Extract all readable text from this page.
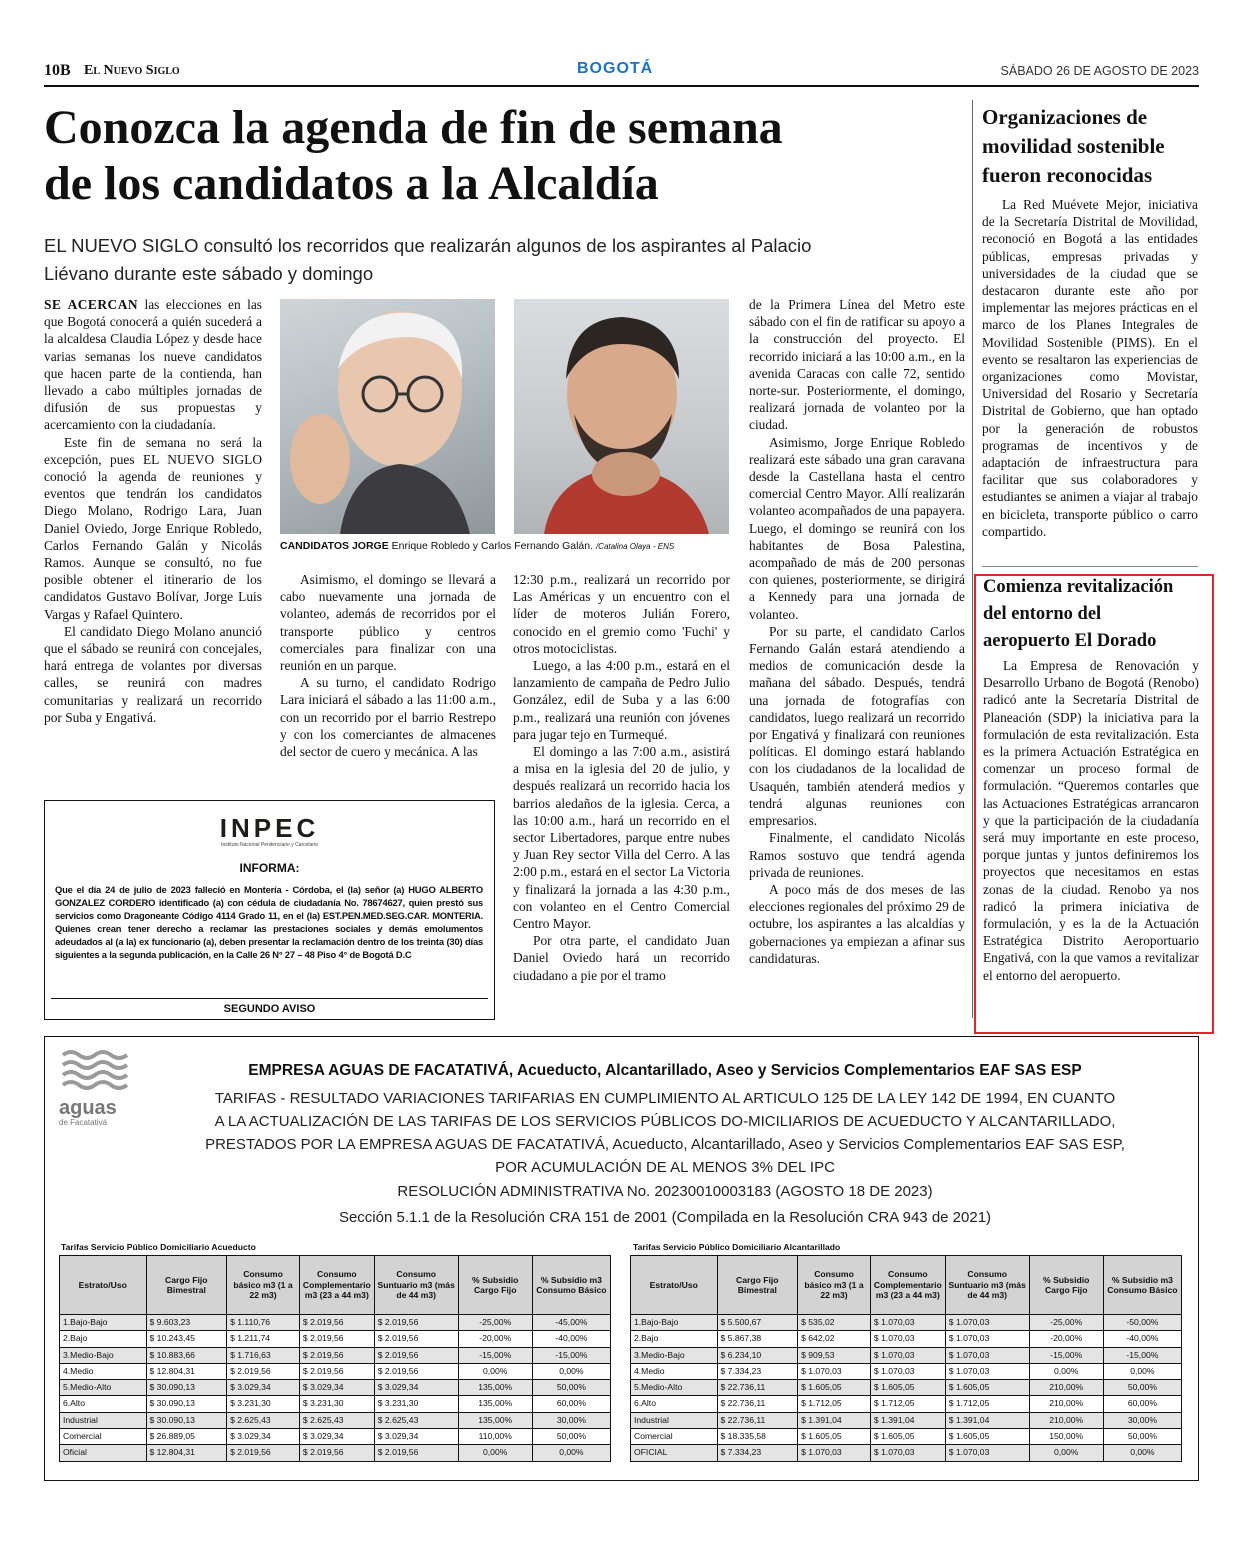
10B El Nuevo Siglo	BOGOTÁ	SÁBADO 26 DE AGOSTO DE 2023
Conozca la agenda de fin de semana
de los candidatos a la Alcaldía
EL NUEVO SIGLO consultó los recorridos que realizarán algunos de los aspirantes al Palacio
Liévano durante este sábado y domingo

SE ACERCAN las elecciones en las que Bogotá conocerá a quién sucederá a la alcaldesa Claudia López y desde hace varias semanas los nueve candidatos que hacen parte de la contienda, han llevado a cabo múltiples jornadas de difusión de sus propuestas y acercamiento con la ciudadanía.

Este fin de semana no será la excepción, pues EL NUEVO SIGLO conoció la agenda de reuniones y eventos que tendrán los candidatos Diego Molano, Rodrigo Lara, Juan Daniel Oviedo, Jorge Enrique Robledo, Carlos Fernando Galán y Nicolás Ramos. Aunque se consultó, no fue posible obtener el itinerario de los candidatos Gustavo Bolívar, Jorge Luis Vargas y Rafael Quintero.

El candidato Diego Molano anunció que el sábado se reunirá con concejales, hará entrega de volantes por diversas calles, se reunirá con madres comunitarias y realizará un recorrido por Suba y Engativá.

CANDIDATOS JORGE Enrique Robledo y Carlos Fernando Galán. /Catalina Olaya - ENS

Asimismo, el domingo se llevará a cabo nuevamente una jornada de volanteo, además de recorridos por el transporte público y centros comerciales para finalizar con una reunión en un parque.

A su turno, el candidato Rodrigo Lara iniciará el sábado a las 11:00 a.m., con un recorrido por el barrio Restrepo y con los comerciantes de almacenes del sector de cuero y mecánica. A las

12:30 p.m., realizará un recorrido por Las Américas y un encuentro con el líder de moteros Julián Forero, conocido en el gremio como 'Fuchi' y otros motociclistas.

Luego, a las 4:00 p.m., estará en el lanzamiento de campaña de Pedro Julio González, edil de Suba y a las 6:00 p.m., realizará una reunión con jóvenes para jugar tejo en Turmequé.

El domingo a las 7:00 a.m., asistirá a misa en la iglesia del 20 de julio, y después realizará un recorrido hacia los barrios aledaños de la iglesia. Cerca, a las 10:00 a.m., hará un recorrido en el sector Libertadores, parque entre nubes y Juan Rey sector Villa del Cerro. A las 2:00 p.m., estará en el sector La Victoria y finalizará la jornada a las 4:30 p.m., con volanteo en el Centro Comercial Centro Mayor.

Por otra parte, el candidato Juan Daniel Oviedo hará un recorrido ciudadano a pie por el tramo

de la Primera Línea del Metro este sábado con el fin de ratificar su apoyo a la construcción del proyecto. El recorrido iniciará a las 10:00 a.m., en la avenida Caracas con calle 72, sentido norte-sur. Posteriormente, el domingo, realizará jornada de volanteo por la ciudad.

Asimismo, Jorge Enrique Robledo realizará este sábado una gran caravana desde la Castellana hasta el centro comercial Centro Mayor. Allí realizarán volanteo acompañados de una papayera. Luego, el domingo se reunirá con los habitantes de Bosa Palestina, acompañado de más de 200 personas con quienes, posteriormente, se dirigirá a Kennedy para una jornada de volanteo.

Por su parte, el candidato Carlos Fernando Galán estará atendiendo a medios de comunicación desde la mañana del sábado. Después, tendrá una jornada de fotografías con candidatos, luego realizará un recorrido por Engativá y finalizará con reuniones políticas. El domingo estará hablando con los ciudadanos de la localidad de Usaquén, también atenderá medios y tendrá algunas reuniones con empresarios.

Finalmente, el candidato Nicolás Ramos sostuvo que tendrá agenda privada de reuniones.

A poco más de dos meses de las elecciones regionales del próximo 29 de octubre, los aspirantes a las alcaldías y gobernaciones ya empiezan a afinar sus candidaturas.

Organizaciones de
movilidad sostenible
fueron reconocidas

La Red Muévete Mejor, iniciativa de la Secretaría Distrital de Movilidad, reconoció en Bogotá a las entidades públicas, empresas privadas y universidades de la ciudad que se destacaron durante este año por implementar las mejores prácticas en el marco de los Planes Integrales de Movilidad Sostenible (PIMS). En el evento se resaltaron las experiencias de organizaciones como Movistar, Universidad del Rosario y Secretaría Distrital de Gobierno, que han optado por la generación de robustos programas de incentivos y de adaptación de infraestructura para facilitar que sus colaboradores y estudiantes se animen a viajar al trabajo en bicicleta, transporte público o carro compartido.

Comienza revitalización
del entorno del
aeropuerto El Dorado

La Empresa de Renovación y Desarrollo Urbano de Bogotá (Renobo) radicó ante la Secretaría Distrital de Planeación (SDP) la iniciativa para la formulación de esta revitalización. Esta es la primera Actuación Estratégica en comenzar un proceso formal de formulación. “Queremos contarles que las Actuaciones Estratégicas arrancaron y que la participación de la ciudadanía será muy importante en este proceso, porque juntas y juntos definiremos los proyectos que necesitamos en estas zonas de la ciudad. Renobo ya nos radicó la primera iniciativa de formulación, y es la de la Actuación Estratégica Distrito Aeroportuario Engativá, con la que vamos a revitalizar el entorno del aeropuerto.

INPEC
Instituto Nacional Penitenciario y Carcelario
INFORMA:
Que el día 24 de julio de 2023 falleció en Montería - Córdoba, el (la) señor (a) HUGO ALBERTO GONZALEZ CORDERO identificado (a) con cédula de ciudadanía No. 78674627, quien prestó sus servicios como Dragoneante Código 4114 Grado 11, en el (la) EST.PEN.MED.SEG.CAR. MONTERIA. Quienes crean tener derecho a reclamar las prestaciones sociales y demás emolumentos adeudados al (a la) ex funcionario (a), deben presentar la reclamación dentro de los treinta (30) días siguientes a la segunda publicación, en la Calle 26 N° 27 – 48 Piso 4° de Bogotá D.C
SEGUNDO AVISO
aguas
de Facatativá
EMPRESA AGUAS DE FACATATIVÁ, Acueducto, Alcantarillado, Aseo y Servicios Complementarios EAF SAS ESP
TARIFAS - RESULTADO VARIACIONES TARIFARIAS EN CUMPLIMIENTO AL ARTICULO 125 DE LA LEY 142 DE 1994, EN CUANTO
A LA ACTUALIZACIÓN DE LAS TARIFAS DE LOS SERVICIOS PÚBLICOS DO-MICILIARIOS DE ACUEDUCTO Y ALCANTARILLADO,
PRESTADOS POR LA EMPRESA AGUAS DE FACATATIVÁ, Acueducto, Alcantarillado, Aseo y Servicios Complementarios EAF SAS ESP,
POR ACUMULACIÓN DE AL MENOS 3% DEL IPC
RESOLUCIÓN ADMINISTRATIVA No. 20230010003183 (AGOSTO 18 DE 2023)
Sección 5.1.1 de la Resolución CRA 151 de 2001 (Compilada en la Resolución CRA 943 de 2021)
Tarifas Servicio Público Domiciliario Acueducto
Estrato/Uso	Cargo Fijo Bimestral	Consumo básico m3 (1 a 22 m3)	Consumo Complementario m3 (23 a 44 m3)	Consumo Suntuario m3 (más de 44 m3)	% Subsidio Cargo Fijo	% Subsidio m3 Consumo Básico
1.Bajo-Bajo	$ 9.603,23	$ 1.110,76	$ 2.019,56	$ 2.019,56	-25,00%	-45,00%
2.Bajo	$ 10.243,45	$ 1.211,74	$ 2.019,56	$ 2.019,56	-20,00%	-40,00%
3.Medio-Bajo	$ 10.883,66	$ 1.716,63	$ 2.019,56	$ 2.019,56	-15,00%	-15,00%
4.Medio	$ 12.804,31	$ 2.019,56	$ 2.019,56	$ 2.019,56	0,00%	0,00%
5.Medio-Alto	$ 30.090,13	$ 3.029,34	$ 3.029,34	$ 3.029,34	135,00%	50,00%
6.Alto	$ 30.090,13	$ 3.231,30	$ 3.231,30	$ 3.231,30	135,00%	60,00%
Industrial	$ 30.090,13	$ 2.625,43	$ 2.625,43	$ 2.625,43	135,00%	30,00%
Comercial	$ 26.889,05	$ 3.029,34	$ 3.029,34	$ 3.029,34	110,00%	50,00%
Oficial	$ 12.804,31	$ 2.019,56	$ 2.019,56	$ 2.019,56	0,00%	0,00%
Tarifas Servicio Público Domiciliario Alcantarillado
Estrato/Uso	Cargo Fijo Bimestral	Consumo básico m3 (1 a 22 m3)	Consumo Complementario m3 (23 a 44 m3)	Consumo Suntuario m3 (más de 44 m3)	% Subsidio Cargo Fijo	% Subsidio m3 Consumo Básico
1.Bajo-Bajo	$ 5.500,67	$ 535,02	$ 1.070,03	$ 1.070,03	-25,00%	-50,00%
2.Bajo	$ 5.867,38	$ 642,02	$ 1.070,03	$ 1.070,03	-20,00%	-40,00%
3.Medio-Bajo	$ 6.234,10	$ 909,53	$ 1.070,03	$ 1.070,03	-15,00%	-15,00%
4.Medio	$ 7.334,23	$ 1.070,03	$ 1.070,03	$ 1.070,03	0,00%	0,00%
5.Medio-Alto	$ 22.736,11	$ 1.605,05	$ 1.605,05	$ 1.605,05	210,00%	50,00%
6.Alto	$ 22.736,11	$ 1.712,05	$ 1.712,05	$ 1.712,05	210,00%	60,00%
Industrial	$ 22.736,11	$ 1.391,04	$ 1.391,04	$ 1.391,04	210,00%	30,00%
Comercial	$ 18.335,58	$ 1.605,05	$ 1.605,05	$ 1.605,05	150,00%	50,00%
OFICIAL	$ 7.334,23	$ 1.070,03	$ 1.070,03	$ 1.070,03	0,00%	0,00%
